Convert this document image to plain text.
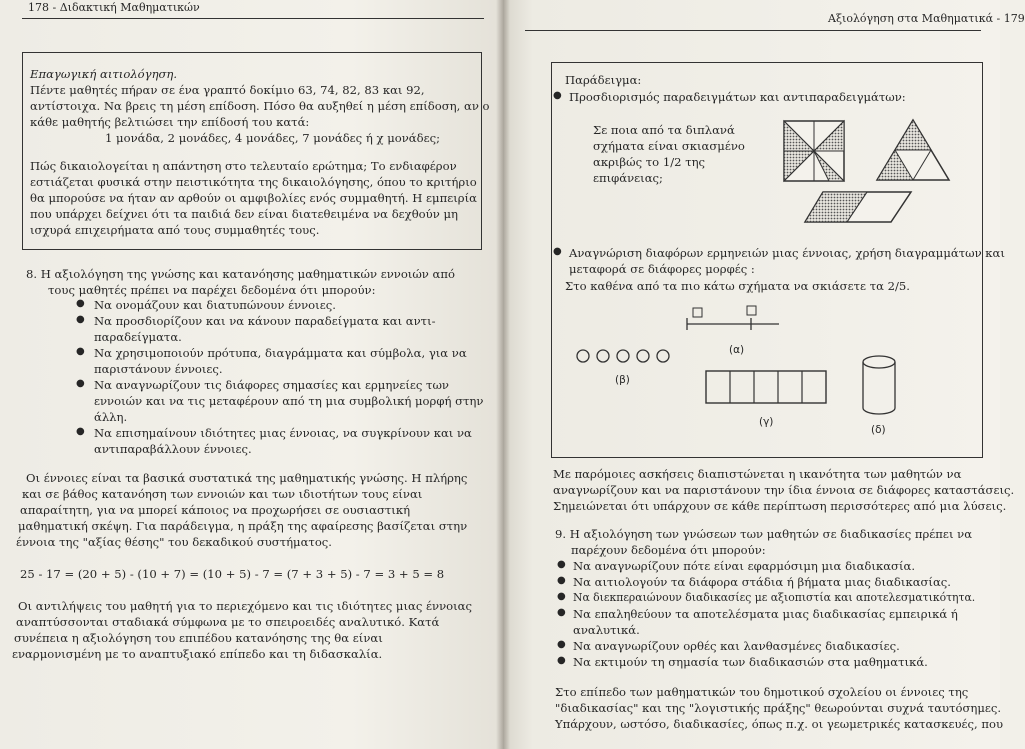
178 - Διδακτική Μαθηματικών
Επαγωγική αιτιολόγηση.
Πέντε μαθητές πήραν σε ένα γραπτό δοκίμιο 63, 74, 82, 83 και 92,
αντίστοιχα. Να βρεις τη μέση επίδοση. Πόσο θα αυξηθεί η μέση επίδοση, αν ο
κάθε μαθητής βελτιώσει την επίδοσή του κατά:
1 μονάδα, 2 μονάδες, 4 μονάδες, 7 μονάδες ή χ μονάδες;
Πώς δικαιολογείται η απάντηση στο τελευταίο ερώτημα; Το ενδιαφέρον
εστιάζεται φυσικά στην πειστικότητα της δικαιολόγησης, όπου το κριτήριο
θα μπορούσε να ήταν αν αρθούν οι αμφιβολίες ενός συμμαθητή. Η εμπειρία
που υπάρχει δείχνει ότι τα παιδιά δεν είναι διατεθειμένα να δεχθούν μη
ισχυρά επιχειρήματα από τους συμμαθητές τους.
8. Η αξιολόγηση της γνώσης και κατανόησης μαθηματικών εννοιών από
τους μαθητές πρέπει να παρέχει δεδομένα ότι μπορούν:
● Να ονομάζουν και διατυπώνουν έννοιες.
● Να προσδιορίζουν και να κάνουν παραδείγματα και αντι-
παραδείγματα.
● Να χρησιμοποιούν πρότυπα, διαγράμματα και σύμβολα, για να
παριστάνουν έννοιες.
● Να αναγνωρίζουν τις διάφορες σημασίες και ερμηνείες των
εννοιών και να τις μεταφέρουν από τη μια συμβολική μορφή στην
άλλη.
● Να επισημαίνουν ιδιότητες μιας έννοιας, να συγκρίνουν και να
αντιπαραβάλλουν έννοιες.
Οι έννοιες είναι τα βασικά συστατικά της μαθηματικής γνώσης. Η πλήρης
και σε βάθος κατανόηση των εννοιών και των ιδιοτήτων τους είναι
απαραίτητη, για να μπορεί κάποιος να προχωρήσει σε ουσιαστική
μαθηματική σκέψη. Για παράδειγμα, η πράξη της αφαίρεσης βασίζεται στην
έννοια της "αξίας θέσης" του δεκαδικού συστήματος.
25 - 17 = (20 + 5) - (10 + 7) = (10 + 5) - 7 = (7 + 3 + 5) - 7 = 3 + 5 = 8
Οι αντιλήψεις του μαθητή για το περιεχόμενο και τις ιδιότητες μιας έννοιας
αναπτύσσονται σταδιακά σύμφωνα με το σπειροειδές αναλυτικό. Κατά
συνέπεια η αξιολόγηση του επιπέδου κατανόησης της θα είναι
εναρμονισμένη με το αναπτυξιακό επίπεδο και τη διδασκαλία.
Αξιολόγηση στα Μαθηματικά - 179
Παράδειγμα:
● Προσδιορισμός παραδειγμάτων και αντιπαραδειγμάτων:
Σε ποια από τα διπλανά
σχήματα είναι σκιασμένο
ακριβώς το 1/2 της
επιφάνειας;
● Αναγνώριση διαφόρων ερμηνειών μιας έννοιας, χρήση διαγραμμάτων και
μεταφορά σε διάφορες μορφές :
Στο καθένα από τα πιο κάτω σχήματα να σκιάσετε τα 2/5.
(α)
(β)
(γ)
(δ)
Με παρόμοιες ασκήσεις διαπιστώνεται η ικανότητα των μαθητών να
αναγνωρίζουν και να παριστάνουν την ίδια έννοια σε διάφορες καταστάσεις.
Σημειώνεται ότι υπάρχουν σε κάθε περίπτωση περισσότερες από μια λύσεις.
9. Η αξιολόγηση των γνώσεων των μαθητών σε διαδικασίες πρέπει να
παρέχουν δεδομένα ότι μπορούν:
● Να αναγνωρίζουν πότε είναι εφαρμόσιμη μια διαδικασία.
● Να αιτιολογούν τα διάφορα στάδια ή βήματα μιας διαδικασίας.
● Να διεκπεραιώνουν διαδικασίες με αξιοπιστία και αποτελεσματικότητα.
● Να επαληθεύουν τα αποτελέσματα μιας διαδικασίας εμπειρικά ή
αναλυτικά.
● Να αναγνωρίζουν ορθές και λανθασμένες διαδικασίες.
● Να εκτιμούν τη σημασία των διαδικασιών στα μαθηματικά.
Στο επίπεδο των μαθηματικών του δημοτικού σχολείου οι έννοιες της
"διαδικασίας" και της "λογιστικής πράξης" θεωρούνται συχνά ταυτόσημες.
Υπάρχουν, ωστόσο, διαδικασίες, όπως π.χ. οι γεωμετρικές κατασκευές, που
